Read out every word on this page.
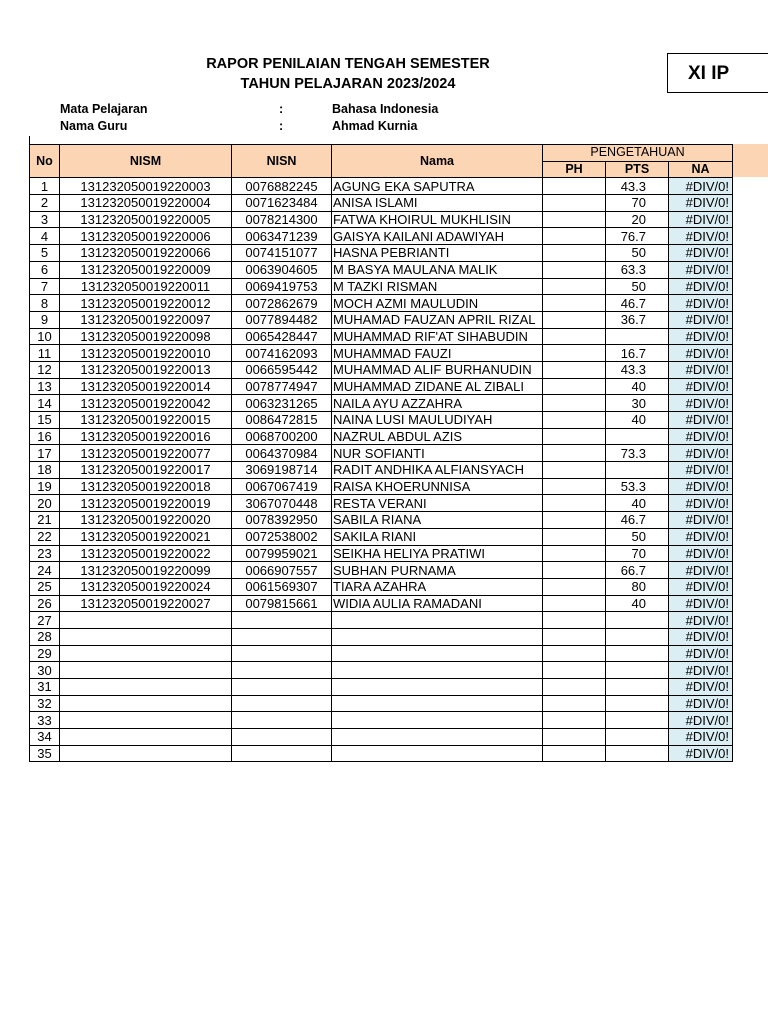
RAPOR PENILAIAN TENGAH SEMESTER
TAHUN PELAJARAN 2023/2024	XI IP
Mata Pelajaran	:	Bahasa Indonesia
Nama Guru	:	Ahmad Kurnia
No	NISM	NISN	Nama	PENGETAHUAN		
				PH	PTS	NA
1	131232050019220003	0076882245	AGUNG EKA SAPUTRA		43.3	#DIV/0!
2	131232050019220004	0071623484	ANISA ISLAMI		70	#DIV/0!
3	131232050019220005	0078214300	FATWA KHOIRUL MUKHLISIN		20	#DIV/0!
4	131232050019220006	0063471239	GAISYA KAILANI ADAWIYAH		76.7	#DIV/0!
5	131232050019220066	0074151077	HASNA PEBRIANTI		50	#DIV/0!
6	131232050019220009	0063904605	M BASYA MAULANA MALIK		63.3	#DIV/0!
7	131232050019220011	0069419753	M TAZKI RISMAN		50	#DIV/0!
8	131232050019220012	0072862679	MOCH AZMI MAULUDIN		46.7	#DIV/0!
9	131232050019220097	0077894482	MUHAMAD FAUZAN APRIL RIZAL		36.7	#DIV/0!
10	131232050019220098	0065428447	MUHAMMAD RIF'AT SIHABUDIN			#DIV/0!
11	131232050019220010	0074162093	MUHAMMAD FAUZI		16.7	#DIV/0!
12	131232050019220013	0066595442	MUHAMMAD ALIF BURHANUDIN		43.3	#DIV/0!
13	131232050019220014	0078774947	MUHAMMAD ZIDANE AL ZIBALI		40	#DIV/0!
14	131232050019220042	0063231265	NAILA AYU AZZAHRA		30	#DIV/0!
15	131232050019220015	0086472815	NAINA LUSI MAULUDIYAH		40	#DIV/0!
16	131232050019220016	0068700200	NAZRUL ABDUL AZIS			#DIV/0!
17	131232050019220077	0064370984	NUR SOFIANTI		73.3	#DIV/0!
18	131232050019220017	3069198714	RADIT ANDHIKA ALFIANSYACH			#DIV/0!
19	131232050019220018	0067067419	RAISA KHOERUNNISA		53.3	#DIV/0!
20	131232050019220019	3067070448	RESTA VERANI		40	#DIV/0!
21	131232050019220020	0078392950	SABILA RIANA		46.7	#DIV/0!
22	131232050019220021	0072538002	SAKILA RIANI		50	#DIV/0!
23	131232050019220022	0079959021	SEIKHA HELIYA PRATIWI		70	#DIV/0!
24	131232050019220099	0066907557	SUBHAN PURNAMA		66.7	#DIV/0!
25	131232050019220024	0061569307	TIARA AZAHRA		80	#DIV/0!
26	131232050019220027	0079815661	WIDIA AULIA RAMADANI		40	#DIV/0!
27						#DIV/0!
28						#DIV/0!
29						#DIV/0!
30						#DIV/0!
31						#DIV/0!
32						#DIV/0!
33						#DIV/0!
34						#DIV/0!
35						#DIV/0!
